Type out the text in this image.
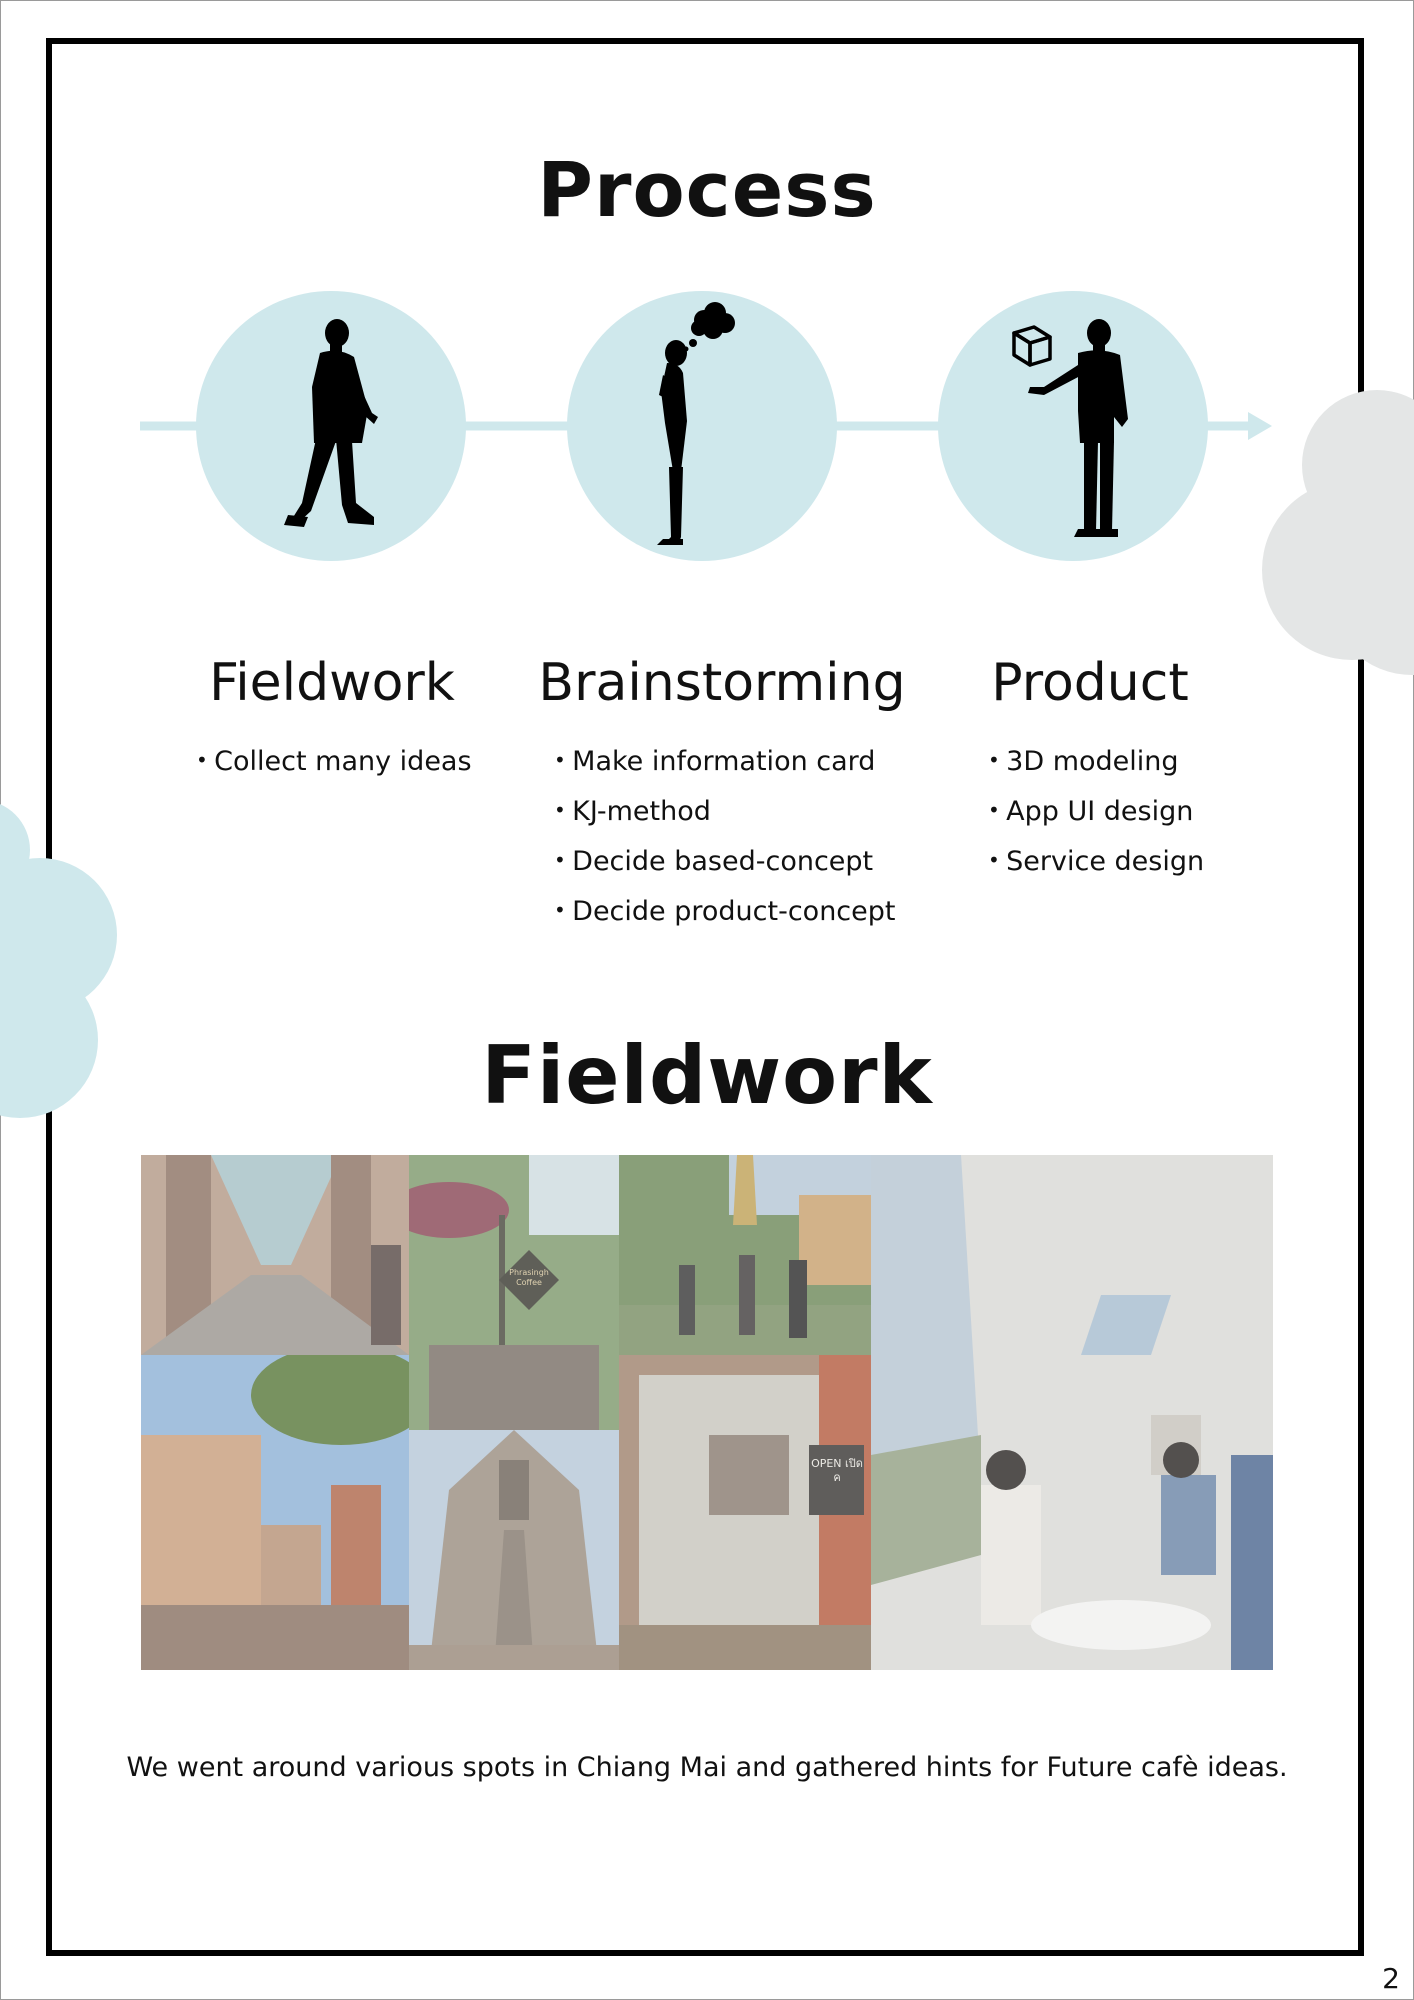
Process
Fieldwork	Brainstorming	Product
• Collect many ideas
•	Make information card
• KJ-method
• Decide based-concept
• Decide product-concept
• 3D modeling
• App UI design
• Service design
Fieldwork
Phrasingh Coffee
OPEN เปิดค
We went around various spots in Chiang Mai and gathered hints for Future cafè ideas.
2
